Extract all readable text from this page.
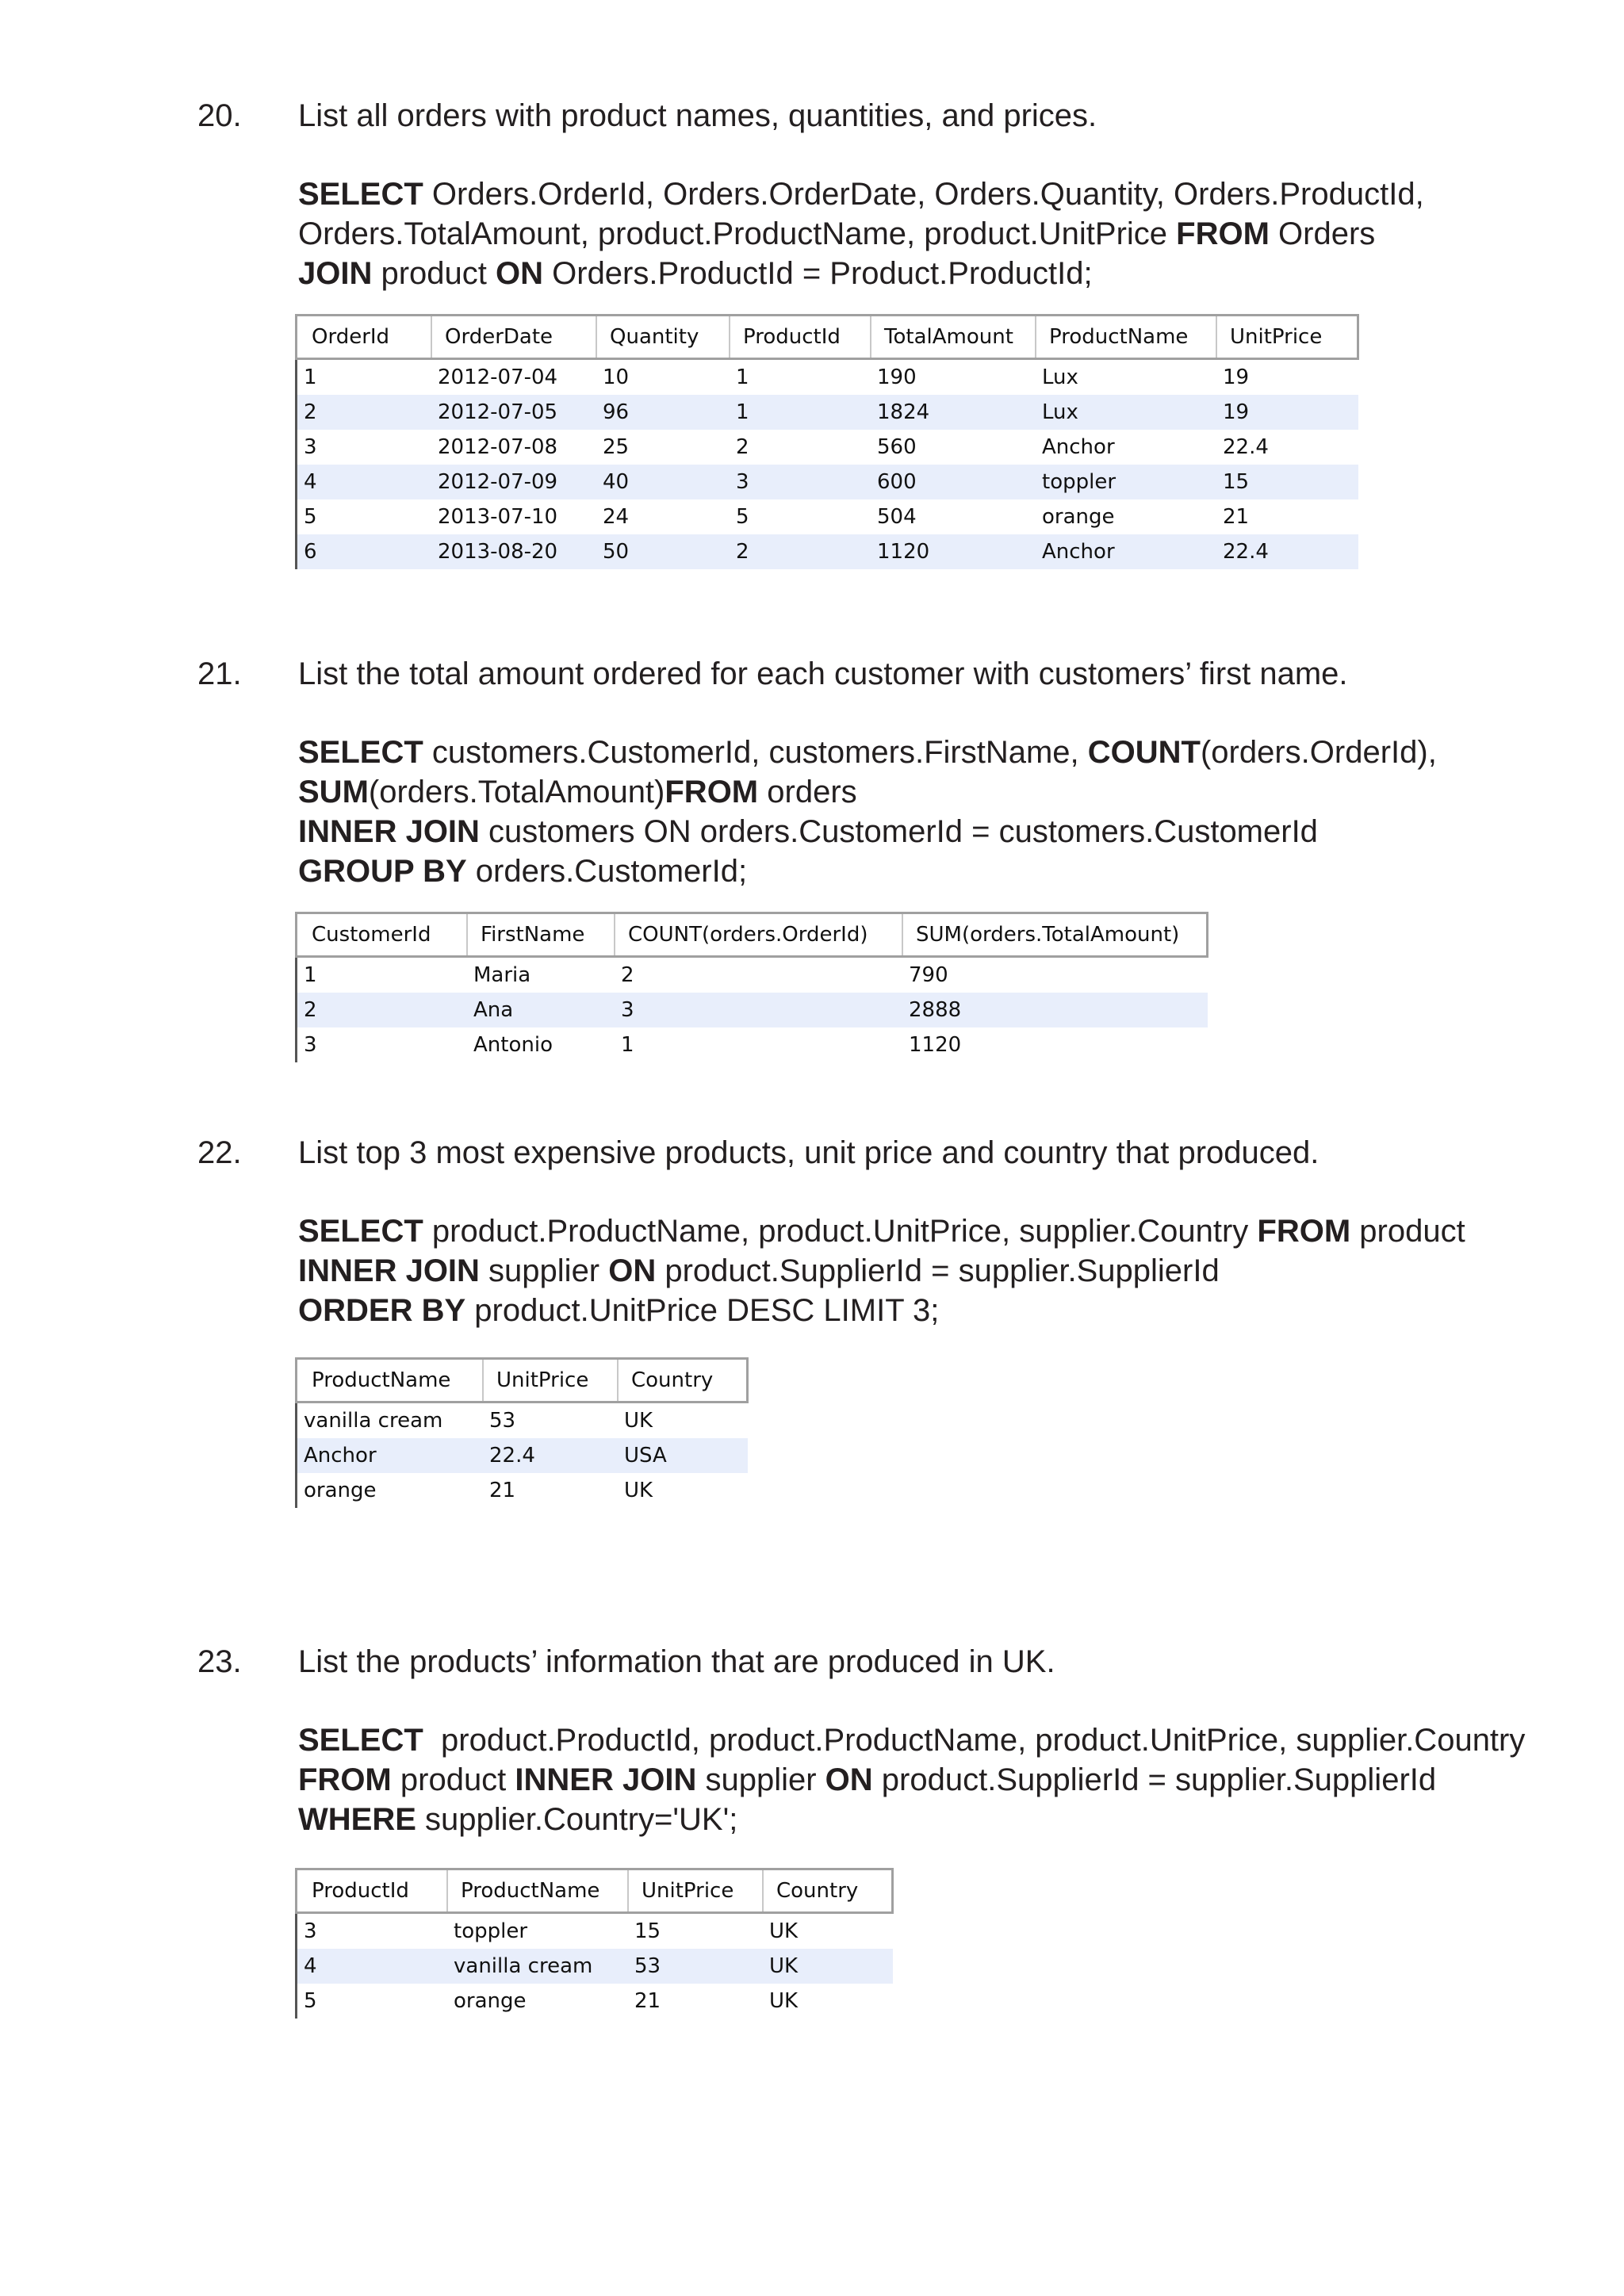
20. List all orders with product names, quantities, and prices.
SELECT Orders.OrderId, Orders.OrderDate, Orders.Quantity, Orders.ProductId,
Orders.TotalAmount, product.ProductName, product.UnitPrice FROM Orders
JOIN product ON Orders.ProductId = Product.ProductId;
OrderId	OrderDate	Quantity	ProductId	TotalAmount	ProductName	UnitPrice
1	2012-07-04	10	1	190	Lux	19
2	2012-07-05	96	1	1824	Lux	19
3	2012-07-08	25	2	560	Anchor	22.4
4	2012-07-09	40	3	600	toppler	15
5	2013-07-10	24	5	504	orange	21
6	2013-08-20	50	2	1120	Anchor	22.4
21. List the total amount ordered for each customer with customers’ first name.
SELECT customers.CustomerId, customers.FirstName, COUNT(orders.OrderId),
SUM(orders.TotalAmount)FROM orders
INNER JOIN customers ON orders.CustomerId = customers.CustomerId
GROUP BY orders.CustomerId;
CustomerId	FirstName	COUNT(orders.OrderId)	SUM(orders.TotalAmount)
1	Maria	2	790
2	Ana	3	2888
3	Antonio	1	1120
22. List top 3 most expensive products, unit price and country that produced.
SELECT product.ProductName, product.UnitPrice, supplier.Country FROM product
INNER JOIN supplier ON product.SupplierId = supplier.SupplierId
ORDER BY product.UnitPrice DESC LIMIT 3;
ProductName	UnitPrice	Country
vanilla cream	53	UK
Anchor	22.4	USA
orange	21	UK
23. List the products’ information that are produced in UK.
SELECT  product.ProductId, product.ProductName, product.UnitPrice, supplier.Country
FROM product INNER JOIN supplier ON product.SupplierId = supplier.SupplierId
WHERE supplier.Country='UK';
ProductId	ProductName	UnitPrice	Country
3	toppler	15	UK
4	vanilla cream	53	UK
5	orange	21	UK
